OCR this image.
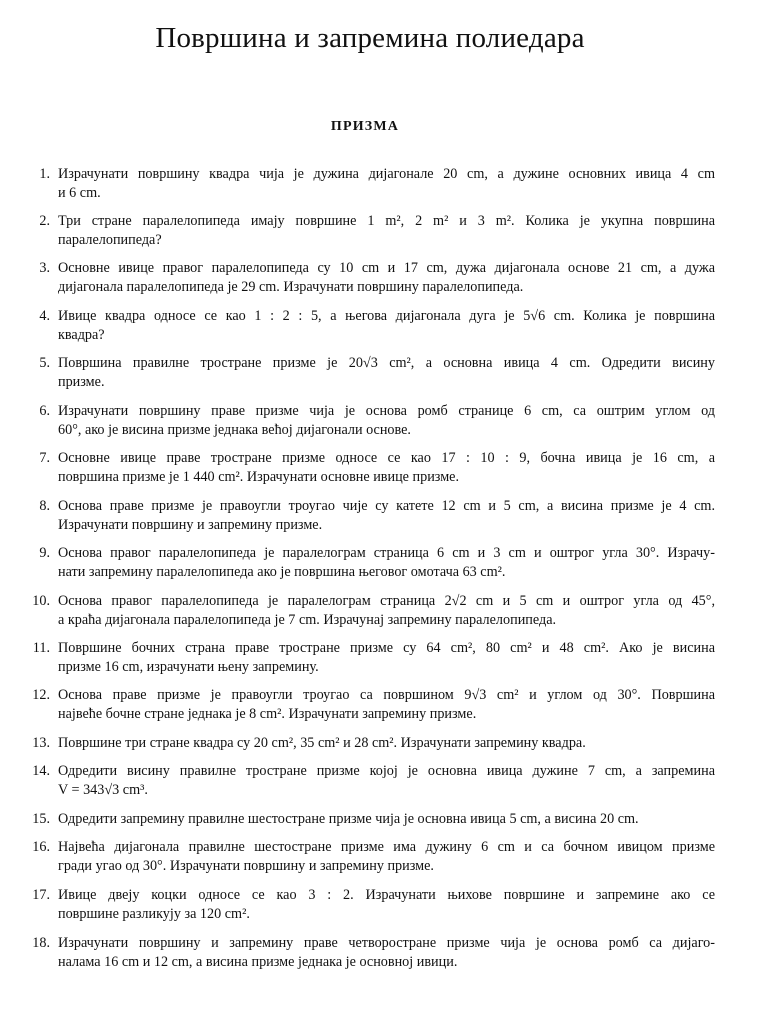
Површина и запремина полиедара
ПРИЗМА
1. Израчунати површину квадра чија је дужина дијагонале 20 cm, а дужине основних ивица 4 cm
и 6 cm.
2. Три стране паралелопипеда имају површине 1 m², 2 m² и 3 m². Колика је укупна површина
паралелопипеда?
3. Основне ивице правог паралелопипеда су 10 cm и 17 cm, дужа дијагонала основе 21 cm, а дужа
дијагонала паралелопипеда је 29 cm. Израчунати површину паралелопипеда.
4. Ивице квадра односе се као 1 : 2 : 5, а његова дијагонала дуга је 5√6 cm. Колика је површина
квадра?
5. Површина правилне тростране призме је 20√3 cm², а основна ивица 4 cm. Одредити висину
призме.
6. Израчунати површину праве призме чија је основа ромб странице 6 cm, са оштрим углом од
60°, ако је висина призме једнака већој дијагонали основе.
7. Основне ивице праве тростране призме односе се као 17 : 10 : 9, бочна ивица је 16 cm, а
површина призме је 1 440 cm². Израчунати основне ивице призме.
8. Основа праве призме је правоугли троугао чије су катете 12 cm и 5 cm, а висина призме је 4 cm.
Израчунати површину и запремину призме.
9. Основа правог паралелопипеда је паралелограм страница 6 cm и 3 cm и оштрог угла 30°. Израчу-
нати запремину паралелопипеда ако је површина његовог омотача 63 cm².
10. Основа правог паралелопипеда је паралелограм страница 2√2 cm и 5 cm и оштрог угла од 45°,
а краћа дијагонала паралелопипеда је 7 cm. Израчунај запремину паралелопипеда.
11. Површине бочних страна праве тростране призме су 64 cm², 80 cm² и 48 cm². Ако је висина
призме 16 cm, израчунати њену запремину.
12. Основа праве призме је правоугли троугао са површином 9√3 cm² и углом од 30°. Површина
највеће бочне стране једнака је 8 cm². Израчунати запремину призме.
13. Површине три стране квадра су 20 cm², 35 cm² и 28 cm². Израчунати запремину квадра.
14. Одредити висину правилне тростране призме којој је основна ивица дужине 7 cm, а запремина
V = 343√3 cm³.
15. Одредити запремину правилне шестостране призме чија је основна ивица 5 cm, а висина 20 cm.
16. Највећа дијагонала правилне шестостране призме има дужину 6 cm и са бочном ивицом призме
гради угао од 30°. Израчунати површину и запремину призме.
17. Ивице двеју коцки односе се као 3 : 2. Израчунати њихове површине и запремине ако се
површине разликују за 120 cm².
18. Израчунати површину и запремину праве четворостране призме чија је основа ромб са дијаго-
налама 16 cm и 12 cm, а висина призме једнака је основној ивици.
